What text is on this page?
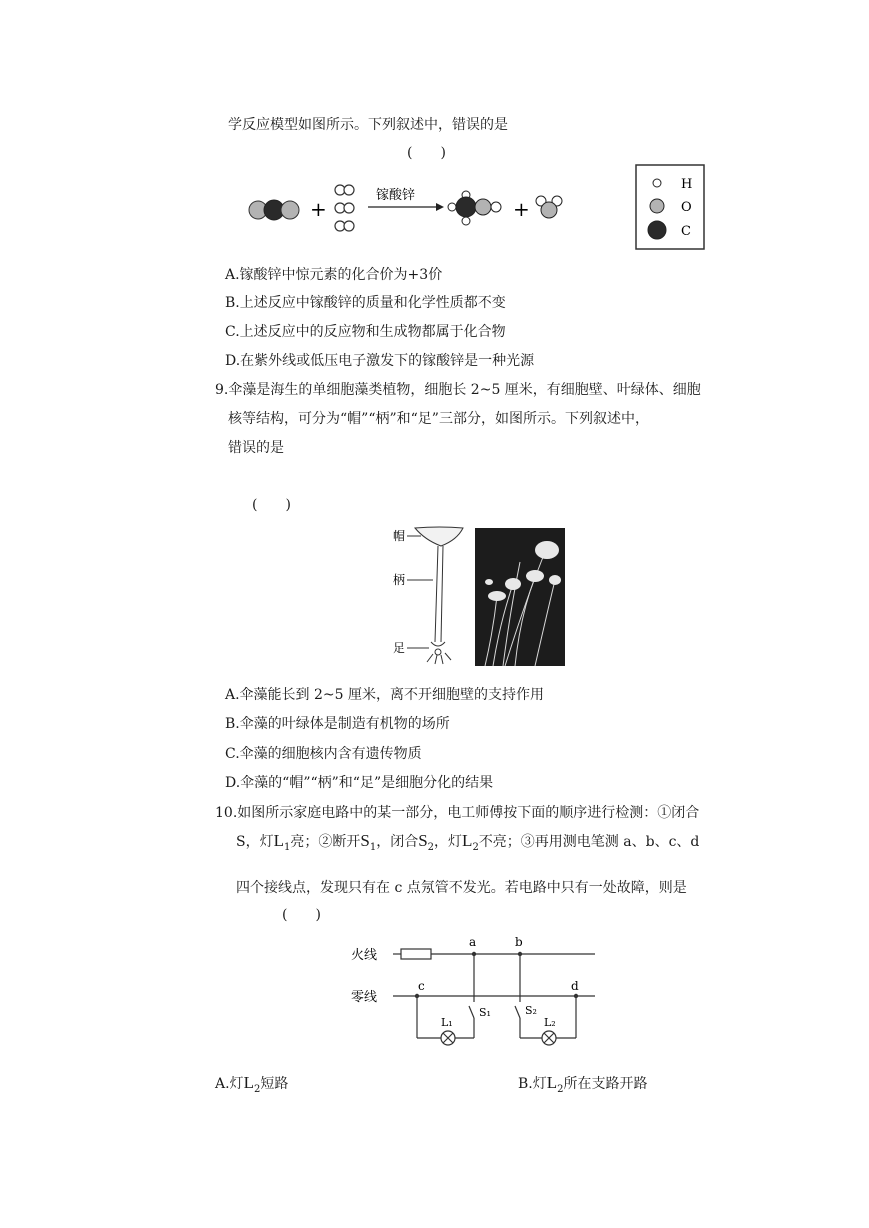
学反应模型如图所示。下列叙述中，错误的是
(　　)
+
镓酸锌
+
H
O
C
A.镓酸锌中惊元素的化合价为+3价
B.上述反应中镓酸锌的质量和化学性质都不变
C.上述反应中的反应物和生成物都属于化合物
D.在紫外线或低压电子激发下的镓酸锌是一种光源
9.伞藻是海生的单细胞藻类植物，细胞长 2~5 厘米，有细胞壁、叶绿体、细胞
核等结构，可分为“帽”“柄”和“足”三部分，如图所示。下列叙述中，
错误的是
(　　)
帽
柄
足
A.伞藻能长到 2~5 厘米，离不开细胞壁的支持作用
B.伞藻的叶绿体是制造有机物的场所
C.伞藻的细胞核内含有遗传物质
D.伞藻的“帽”“柄”和“足”是细胞分化的结果
10.如图所示家庭电路中的某一部分，电工师傅按下面的顺序进行检测：①闭合
S，灯$L_1$亮；②断开$S_1$，闭合$S_2$，灯$L_2$不亮；③再用测电笔测 a、b、c、d
四个接线点，发现只有在 c 点氖管不发光。若电路中只有一处故障，则是
(　　)
火线
零线
a	b
c	d
L₁
S₁	S₂
L₂
A.灯$L_2$短路	B.灯$L_2$所在支路开路
